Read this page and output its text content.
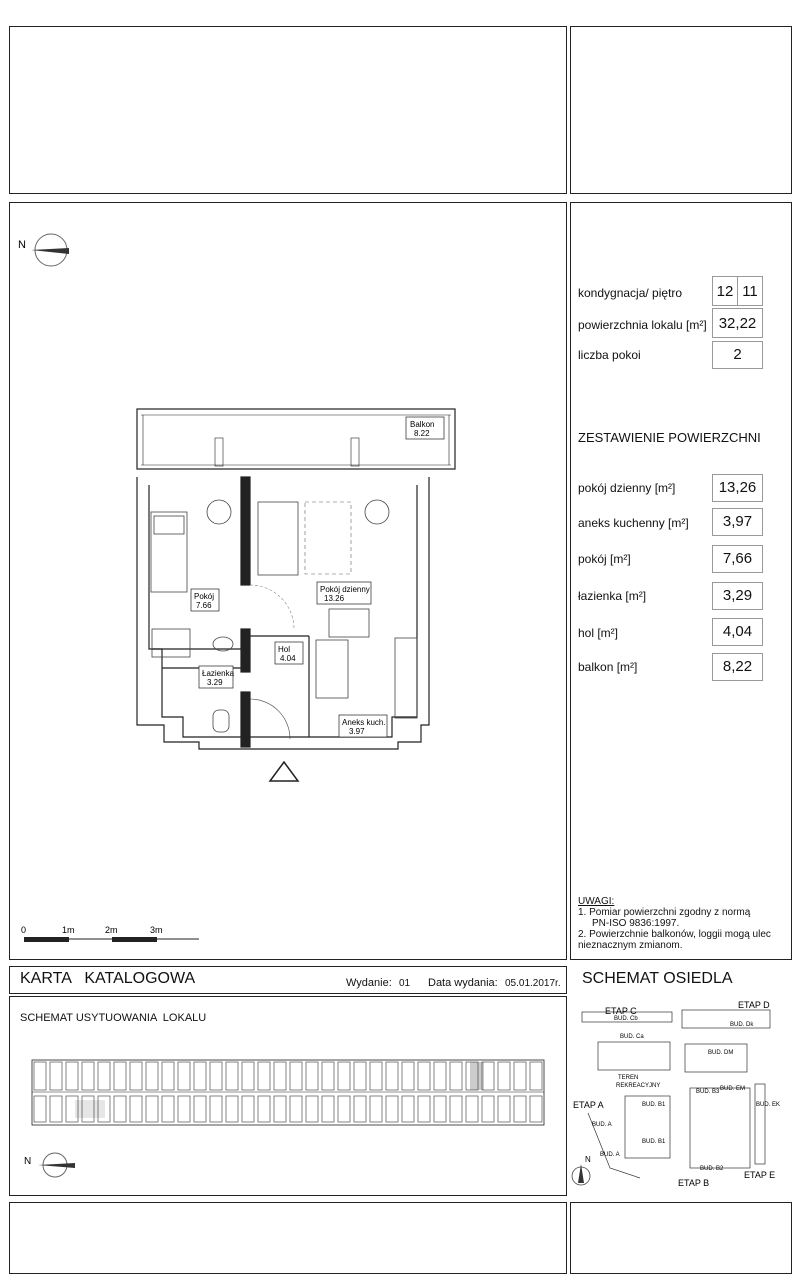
N
Balkon
8.22
Pokój
7.66
Pokój dzienny
13.26
Hol
4.04
Łazienka
3.29
Aneks kuch.
3.97
0	1m	2m	3m
kondygnacja/ piętro	12 11
powierzchnia lokalu [m²] 32,22
liczba pokoi	2
ZESTAWIENIE POWIERZCHNI
pokój dzienny [m²]	13,26
aneks kuchenny [m²]	3,97
pokój [m²]	7,66
łazienka [m²]	3,29
hol [m²]	4,04
balkon [m²]	8,22
UWAGI:
1. Pomiar powierzchni zgodny z normą
PN-ISO 9836:1997.
2. Powierzchnie balkonów, loggii mogą ulec
nieznacznym zmianom.
KARTA   KATALOGOWA	Wydanie: 01 Data wydania: 05.01.2017r.
SCHEMAT USYTUOWANIA  LOKALU
N
SCHEMAT OSIEDLA
ETAP C
ETAP D
ETAP A
ETAP B
ETAP E
TEREN
REKREACYJNY
BUD. Cb
BUD. Ca
BUD. Dk
BUD. DM
BUD. B3 BUD. EM
BUD. EK
BUD. B1
BUD. B1
BUD. B2
BUD. A
BUD. A
N
